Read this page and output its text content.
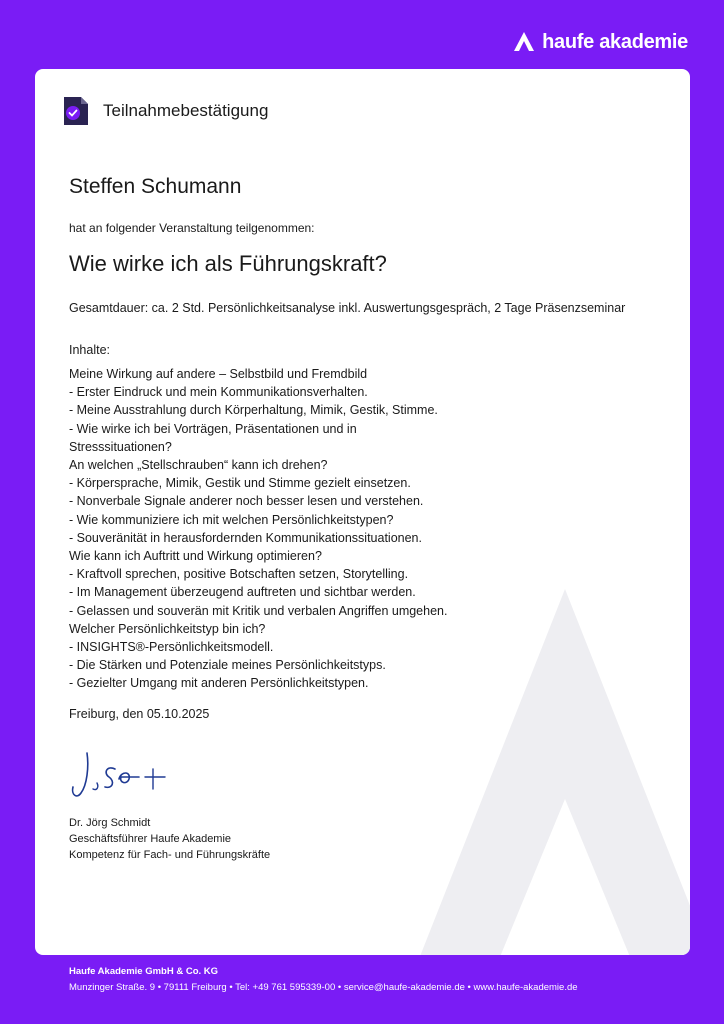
haufe akademie
Teilnahmebestätigung
Steffen Schumann
hat an folgender Veranstaltung teilgenommen:
Wie wirke ich als Führungskraft?
Gesamtdauer: ca. 2 Std. Persönlichkeitsanalyse inkl. Auswertungsgespräch, 2 Tage Präsenzseminar
Inhalte:
Meine Wirkung auf andere – Selbstbild und Fremdbild
- Erster Eindruck und mein Kommunikationsverhalten.
- Meine Ausstrahlung durch Körperhaltung, Mimik, Gestik, Stimme.
- Wie wirke ich bei Vorträgen, Präsentationen und in
Stresssituationen?
An welchen „Stellschrauben“ kann ich drehen?
- Körpersprache, Mimik, Gestik und Stimme gezielt einsetzen.
- Nonverbale Signale anderer noch besser lesen und verstehen.
- Wie kommuniziere ich mit welchen Persönlichkeitstypen?
- Souveränität in herausfordernden Kommunikationssituationen.
Wie kann ich Auftritt und Wirkung optimieren?
- Kraftvoll sprechen, positive Botschaften setzen, Storytelling.
- Im Management überzeugend auftreten und sichtbar werden.
- Gelassen und souverän mit Kritik und verbalen Angriffen umgehen.
Welcher Persönlichkeitstyp bin ich?
- INSIGHTS®-Persönlichkeitsmodell.
- Die Stärken und Potenziale meines Persönlichkeitstyps.
- Gezielter Umgang mit anderen Persönlichkeitstypen.
Freiburg, den 05.10.2025
Dr. Jörg Schmidt
Geschäftsführer Haufe Akademie
Kompetenz für Fach- und Führungskräfte
Haufe Akademie GmbH & Co. KG
Munzinger Straße. 9 • 79111 Freiburg • Tel: +49 761 595339-00 • service@haufe-akademie.de • www.haufe-akademie.de
